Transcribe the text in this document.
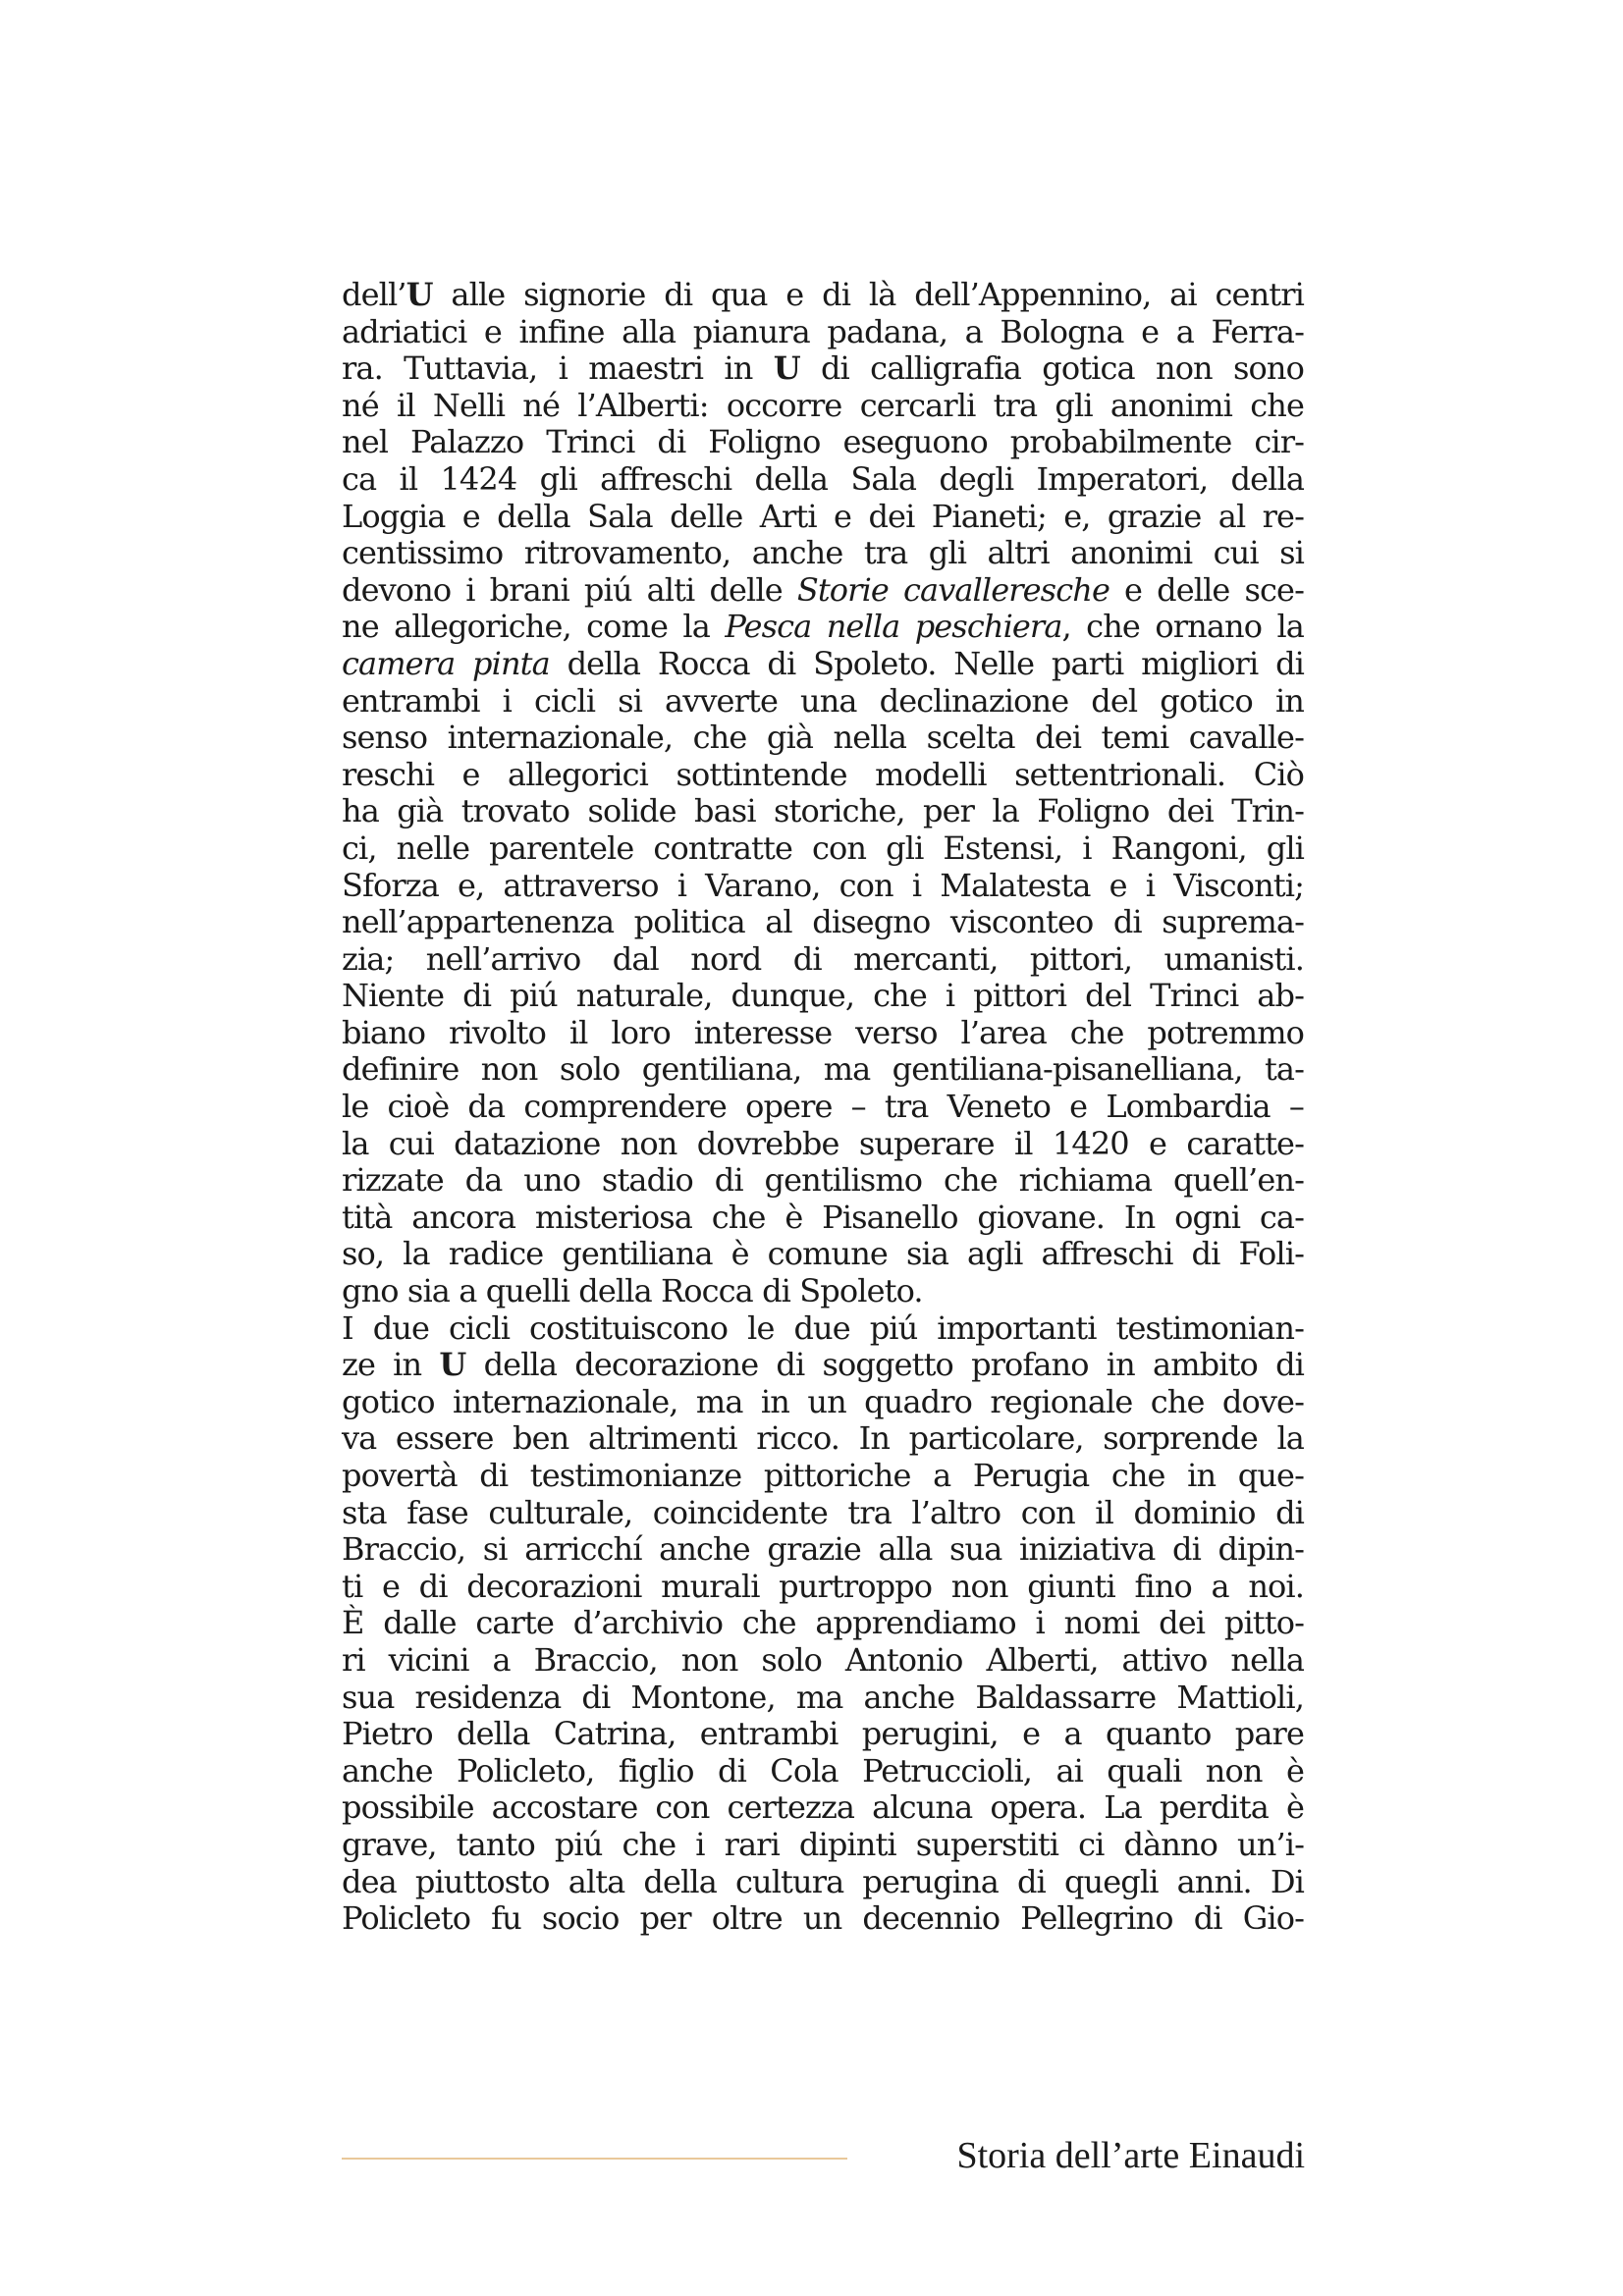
dell’U alle signorie di qua e di là dell’Appennino, ai centri
adriatici e infine alla pianura padana, a Bologna e a Ferra-
ra. Tuttavia, i maestri in U di calligrafia gotica non sono
né il Nelli né l’Alberti: occorre cercarli tra gli anonimi che
nel Palazzo Trinci di Foligno eseguono probabilmente cir-
ca il 1424 gli affreschi della Sala degli Imperatori, della
Loggia e della Sala delle Arti e dei Pianeti; e, grazie al re-
centissimo ritrovamento, anche tra gli altri anonimi cui si
devono i brani piú alti delle Storie cavalleresche e delle sce-
ne allegoriche, come la Pesca nella peschiera, che ornano la
camera pinta della Rocca di Spoleto. Nelle parti migliori di
entrambi i cicli si avverte una declinazione del gotico in
senso internazionale, che già nella scelta dei temi cavalle-
reschi e allegorici sottintende modelli settentrionali. Ciò
ha già trovato solide basi storiche, per la Foligno dei Trin-
ci, nelle parentele contratte con gli Estensi, i Rangoni, gli
Sforza e, attraverso i Varano, con i Malatesta e i Visconti;
nell’appartenenza politica al disegno visconteo di suprema-
zia; nell’arrivo dal nord di mercanti, pittori, umanisti.
Niente di piú naturale, dunque, che i pittori del Trinci ab-
biano rivolto il loro interesse verso l’area che potremmo
definire non solo gentiliana, ma gentiliana-pisanelliana, ta-
le cioè da comprendere opere – tra Veneto e Lombardia –
la cui datazione non dovrebbe superare il 1420 e caratte-
rizzate da uno stadio di gentilismo che richiama quell’en-
tità ancora misteriosa che è Pisanello giovane. In ogni ca-
so, la radice gentiliana è comune sia agli affreschi di Foli-
gno sia a quelli della Rocca di Spoleto.
I due cicli costituiscono le due piú importanti testimonian-
ze in U della decorazione di soggetto profano in ambito di
gotico internazionale, ma in un quadro regionale che dove-
va essere ben altrimenti ricco. In particolare, sorprende la
povertà di testimonianze pittoriche a Perugia che in que-
sta fase culturale, coincidente tra l’altro con il dominio di
Braccio, si arricchí anche grazie alla sua iniziativa di dipin-
ti e di decorazioni murali purtroppo non giunti fino a noi.
È dalle carte d’archivio che apprendiamo i nomi dei pitto-
ri vicini a Braccio, non solo Antonio Alberti, attivo nella
sua residenza di Montone, ma anche Baldassarre Mattioli,
Pietro della Catrina, entrambi perugini, e a quanto pare
anche Policleto, figlio di Cola Petruccioli, ai quali non è
possibile accostare con certezza alcuna opera. La perdita è
grave, tanto piú che i rari dipinti superstiti ci dànno un’i-
dea piuttosto alta della cultura perugina di quegli anni. Di
Policleto fu socio per oltre un decennio Pellegrino di Gio-
Storia dell’arte Einaudi
